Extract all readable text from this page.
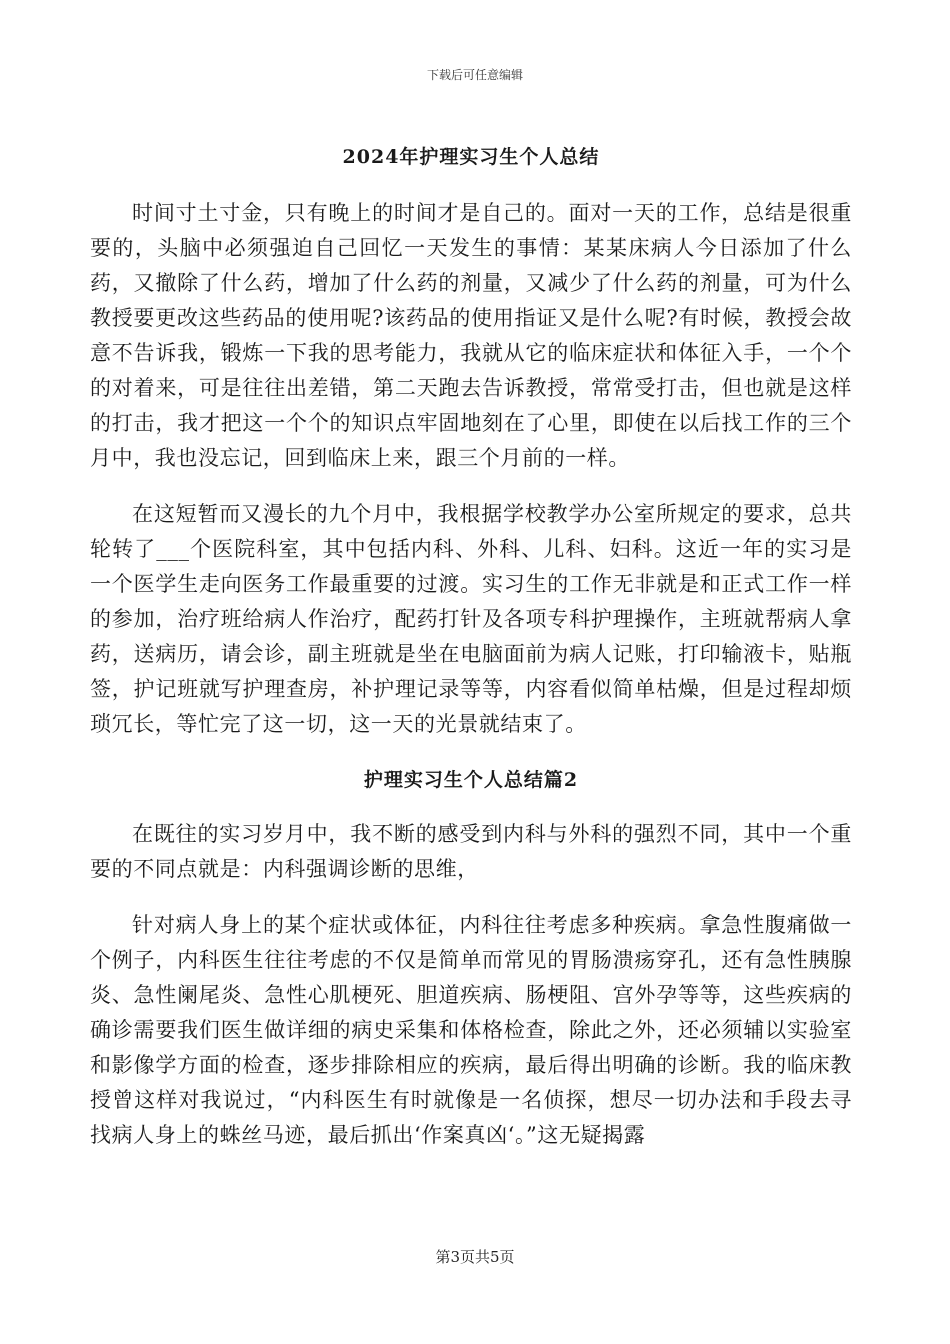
下载后可任意编辑
2024年护理实习生个人总结

时间寸土寸金，只有晚上的时间才是自己的。面对一天的工作，总结是很重要的，头脑中必须强迫自己回忆一天发生的事情：某某床病人今日添加了什么药，又撤除了什么药，增加了什么药的剂量，又减少了什么药的剂量，可为什么教授要更改这些药品的使用呢?该药品的使用指证又是什么呢?有时候，教授会故意不告诉我，锻炼一下我的思考能力，我就从它的临床症状和体征入手，一个个的对着来，可是往往出差错，第二天跑去告诉教授，常常受打击，但也就是这样的打击，我才把这一个个的知识点牢固地刻在了心里，即使在以后找工作的三个月中，我也没忘记，回到临床上来，跟三个月前的一样。

在这短暂而又漫长的九个月中，我根据学校教学办公室所规定的要求，总共轮转了___个医院科室，其中包括内科、外科、儿科、妇科。这近一年的实习是一个医学生走向医务工作最重要的过渡。实习生的工作无非就是和正式工作一样的参加，治疗班给病人作治疗，配药打针及各项专科护理操作，主班就帮病人拿药，送病历，请会诊，副主班就是坐在电脑面前为病人记账，打印输液卡，贴瓶签，护记班就写护理查房，补护理记录等等，内容看似简单枯燥，但是过程却烦琐冗长，等忙完了这一切，这一天的光景就结束了。

护理实习生个人总结篇2

在既往的实习岁月中，我不断的感受到内科与外科的强烈不同，其中一个重要的不同点就是：内科强调诊断的思维，

针对病人身上的某个症状或体征，内科往往考虑多种疾病。拿急性腹痛做一个例子，内科医生往往考虑的不仅是简单而常见的胃肠溃疡穿孔，还有急性胰腺炎、急性阑尾炎、急性心肌梗死、胆道疾病、肠梗阻、宫外孕等等，这些疾病的确诊需要我们医生做详细的病史采集和体格检查，除此之外，还必须辅以实验室和影像学方面的检查，逐步排除相应的疾病，最后得出明确的诊断。我的临床教授曾这样对我说过，“内科医生有时就像是一名侦探，想尽一切办法和手段去寻找病人身上的蛛丝马迹，最后抓出‘作案真凶‘。”这无疑揭露

第3页共5页
